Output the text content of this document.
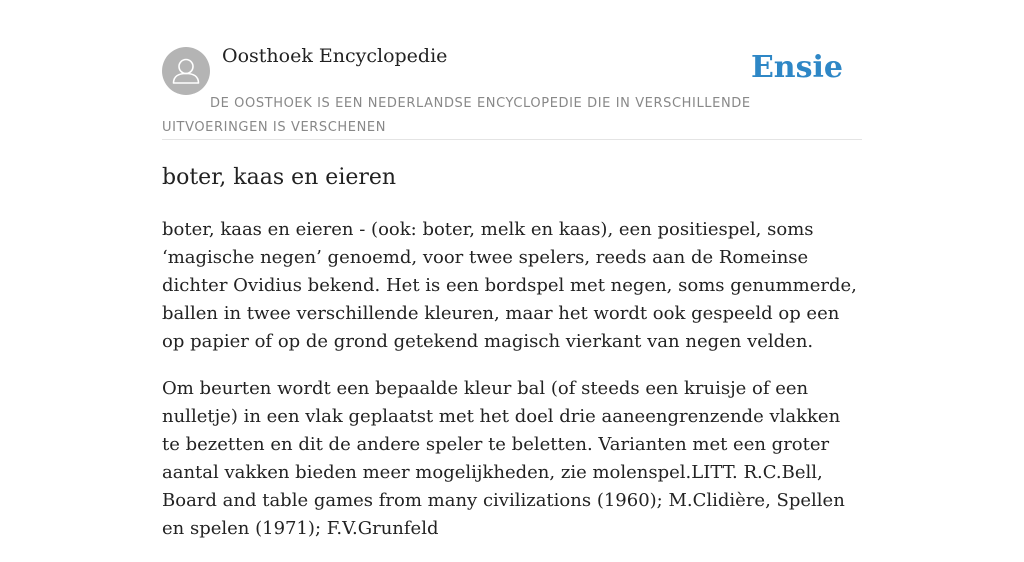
Oosthoek Encyclopedie	Ensie
DE OOSTHOEK IS EEN NEDERLANDSE ENCYCLOPEDIE DIE IN VERSCHILLENDE UITVOERINGEN IS VERSCHENEN
boter, kaas en eieren

boter, kaas en eieren - (ook: boter, melk en kaas), een positiespel, soms ‘magische negen’ genoemd, voor twee spelers, reeds aan de Romeinse dichter Ovidius bekend. Het is een bordspel met negen, soms genummerde, ballen in twee verschillende kleuren, maar het wordt ook gespeeld op een op papier of op de grond getekend magisch vierkant van negen velden.

Om beurten wordt een bepaalde kleur bal (of steeds een kruisje of een nulletje) in een vlak geplaatst met het doel drie aaneengrenzende vlakken te bezetten en dit de andere speler te beletten. Varianten met een groter aantal vakken bieden meer mogelijkheden, zie molenspel.LITT. R.C.Bell, Board and table games from many civilizations (1960); M.Clidière, Spellen en spelen (1971); F.V.Grunfeld
